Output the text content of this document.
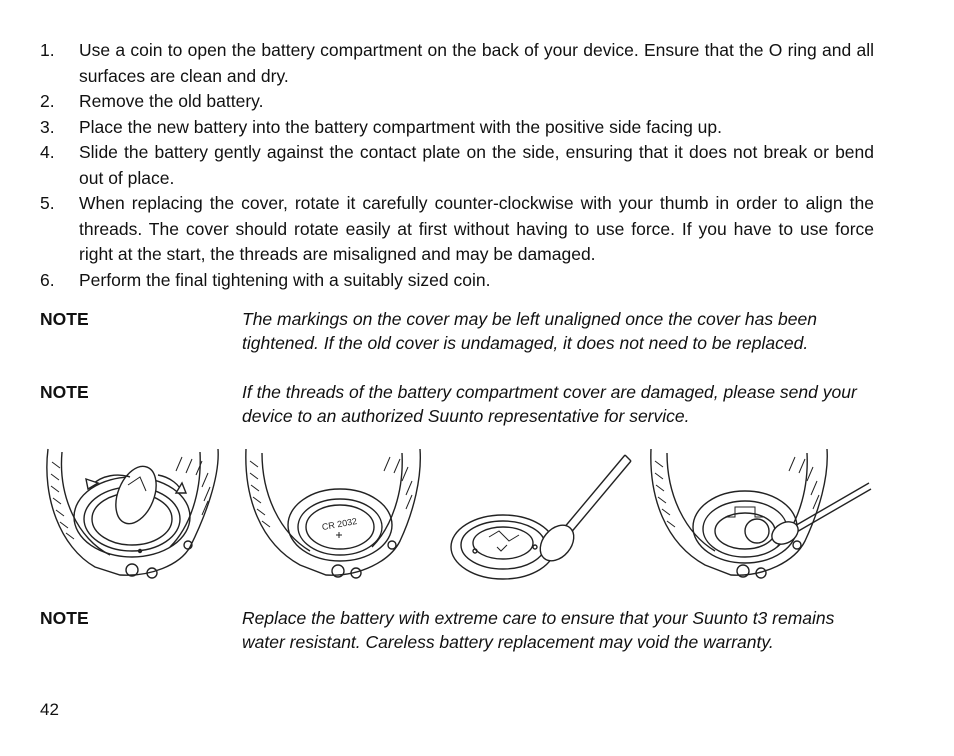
1. Use a coin to open the battery compartment on the back of your device. Ensure that the O ring and all surfaces are clean and dry.
2. Remove the old battery.
3. Place the new battery into the battery compartment with the positive side facing up.
4. Slide the battery gently against the contact plate on the side, ensuring that it does not break or bend out of place.
5. When replacing the cover, rotate it carefully counter-clockwise with your thumb in order to align the threads. The cover should rotate easily at first without having to use force. If you have to use force right at the start, the threads are misaligned and may be damaged.
6. Perform the final tightening with a suitably sized coin.
NOTE	The markings on the cover may be left unaligned once the cover has been tightened. If the old cover is undamaged, it does not need to be replaced.
NOTE	If the threads of the battery compartment cover are damaged, please send your device to an authorized Suunto representative for service.
CR 2032
NOTE	Replace the battery with extreme care to ensure that your Suunto t3 remains water resistant. Careless battery replacement may void the warranty.
42
